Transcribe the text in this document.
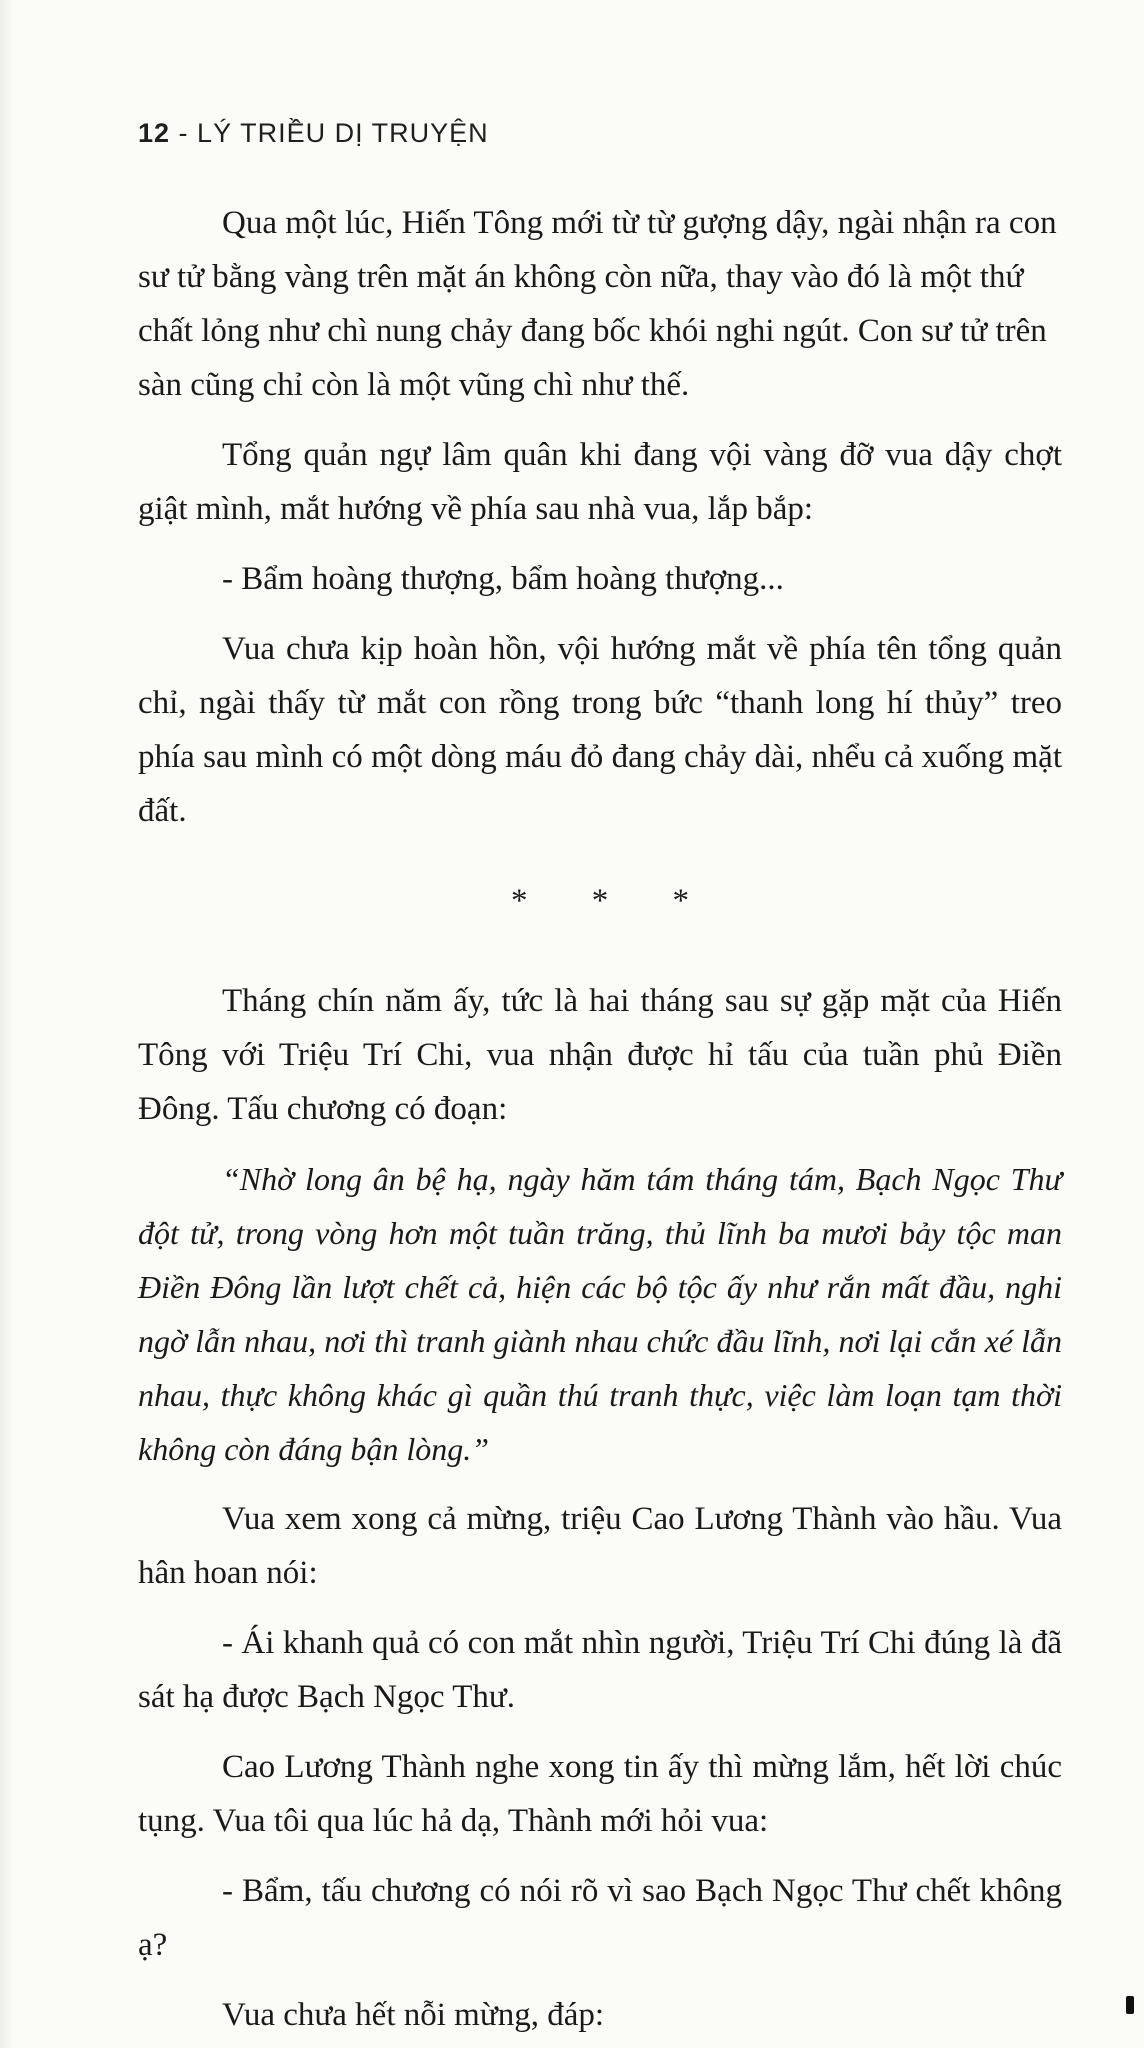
12 - LÝ TRIỀU DỊ TRUYỆN

Qua một lúc, Hiến Tông mới từ từ gượng dậy, ngài nhận ra con sư tử bằng vàng trên mặt án không còn nữa, thay vào đó là một thứ chất lỏng như chì nung chảy đang bốc khói nghi ngút. Con sư tử trên sàn cũng chỉ còn là một vũng chì như thế.

Tổng quản ngự lâm quân khi đang vội vàng đỡ vua dậy chợt giật mình, mắt hướng về phía sau nhà vua, lắp bắp:

- Bẩm hoàng thượng, bẩm hoàng thượng...

Vua chưa kịp hoàn hồn, vội hướng mắt về phía tên tổng quản chỉ, ngài thấy từ mắt con rồng trong bức “thanh long hí thủy” treo phía sau mình có một dòng máu đỏ đang chảy dài, nhểu cả xuống mặt đất.

* * *

Tháng chín năm ấy, tức là hai tháng sau sự gặp mặt của Hiến Tông với Triệu Trí Chi, vua nhận được hỉ tấu của tuần phủ Điền Đông. Tấu chương có đoạn:

“Nhờ long ân bệ hạ, ngày hăm tám tháng tám, Bạch Ngọc Thư đột tử, trong vòng hơn một tuần trăng, thủ lĩnh ba mươi bảy tộc man Điền Đông lần lượt chết cả, hiện các bộ tộc ấy như rắn mất đầu, nghi ngờ lẫn nhau, nơi thì tranh giành nhau chức đầu lĩnh, nơi lại cắn xé lẫn nhau, thực không khác gì quần thú tranh thực, việc làm loạn tạm thời không còn đáng bận lòng.”

Vua xem xong cả mừng, triệu Cao Lương Thành vào hầu. Vua hân hoan nói:

- Ái khanh quả có con mắt nhìn người, Triệu Trí Chi đúng là đã sát hạ được Bạch Ngọc Thư.

Cao Lương Thành nghe xong tin ấy thì mừng lắm, hết lời chúc tụng. Vua tôi qua lúc hả dạ, Thành mới hỏi vua:

- Bẩm, tấu chương có nói rõ vì sao Bạch Ngọc Thư chết không ạ?

Vua chưa hết nỗi mừng, đáp:
